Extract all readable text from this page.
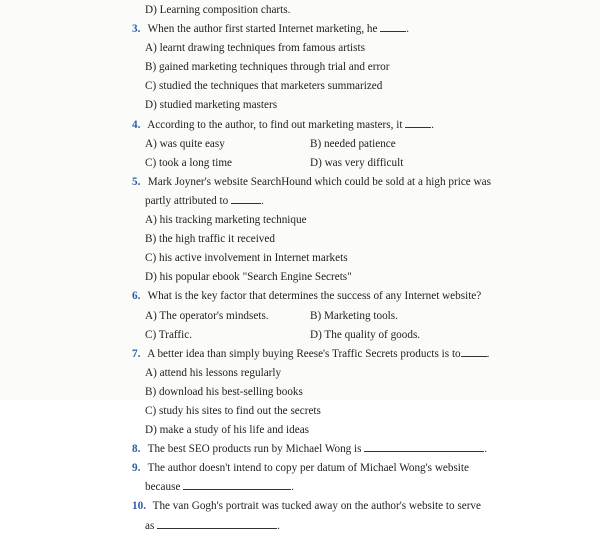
D) Learning composition charts.
3. When the author first started Internet marketing, he	.
A) learnt drawing techniques from famous artists
B) gained marketing techniques through trial and error
C) studied the techniques that marketers summarized
D) studied marketing masters
4. According to the author, to find out marketing masters, it	.
A) was quite easy	B) needed patience
C) took a long time	D) was very difficult
5. Mark Joyner's website SearchHound which could be sold at a high price was
partly attributed to	.
A) his tracking marketing technique
B) the high traffic it received
C) his active involvement in Internet markets
D) his popular ebook "Search Engine Secrets"
6. What is the key factor that determines the success of any Internet website?
A) The operator's mindsets.	B) Marketing tools.
C) Traffic.	D) The quality of goods.
7. A better idea than simply buying Reese's Traffic Secrets products is to .
A) attend his lessons regularly
B) download his best-selling books
C) study his sites to find out the secrets
D) make a study of his life and ideas
8. The best SEO products run by Michael Wong is	.
9. The author doesn't intend to copy per datum of Michael Wong's website
because	.
10. The van Gogh's portrait was tucked away on the author's website to serve
as	.
